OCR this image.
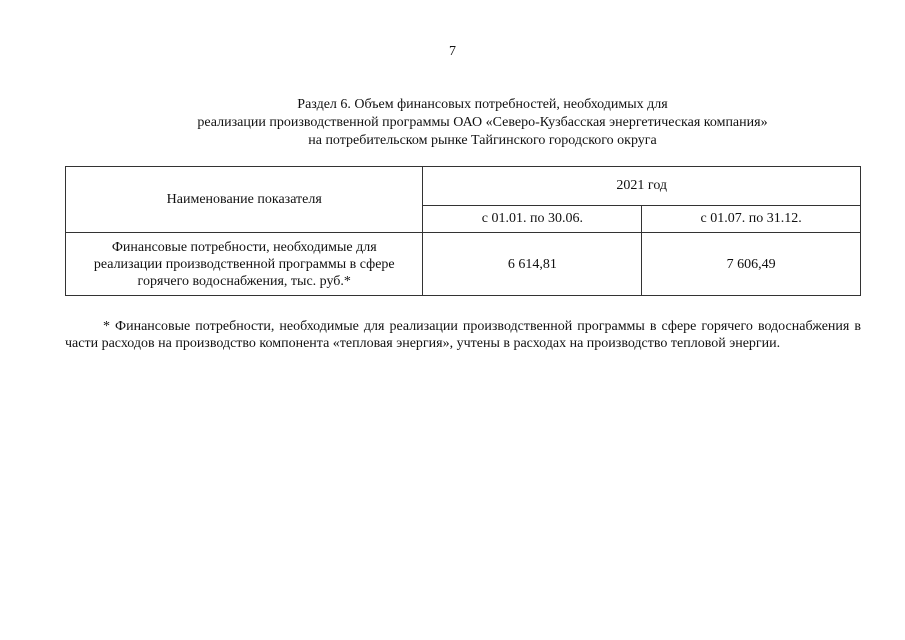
7
Раздел 6. Объем финансовых потребностей, необходимых для
реализации производственной программы ОАО «Северо-Кузбасская энергетическая компания»
на потребительском рынке Тайгинского городского округа
Наименование показателя	2021 год	
	с 01.01. по 30.06.	с 01.07. по 31.12.

Финансовые потребности, необходимые для
реализации производственной программы в сфере
горячего водоснабжения, тыс. руб.*	6 614,81	7 606,49
* Финансовые потребности, необходимые для реализации производственной программы в сфере горячего водоснабжения в части расходов на производство компонента «тепловая энергия», учтены в расходах на производство тепловой энергии.
